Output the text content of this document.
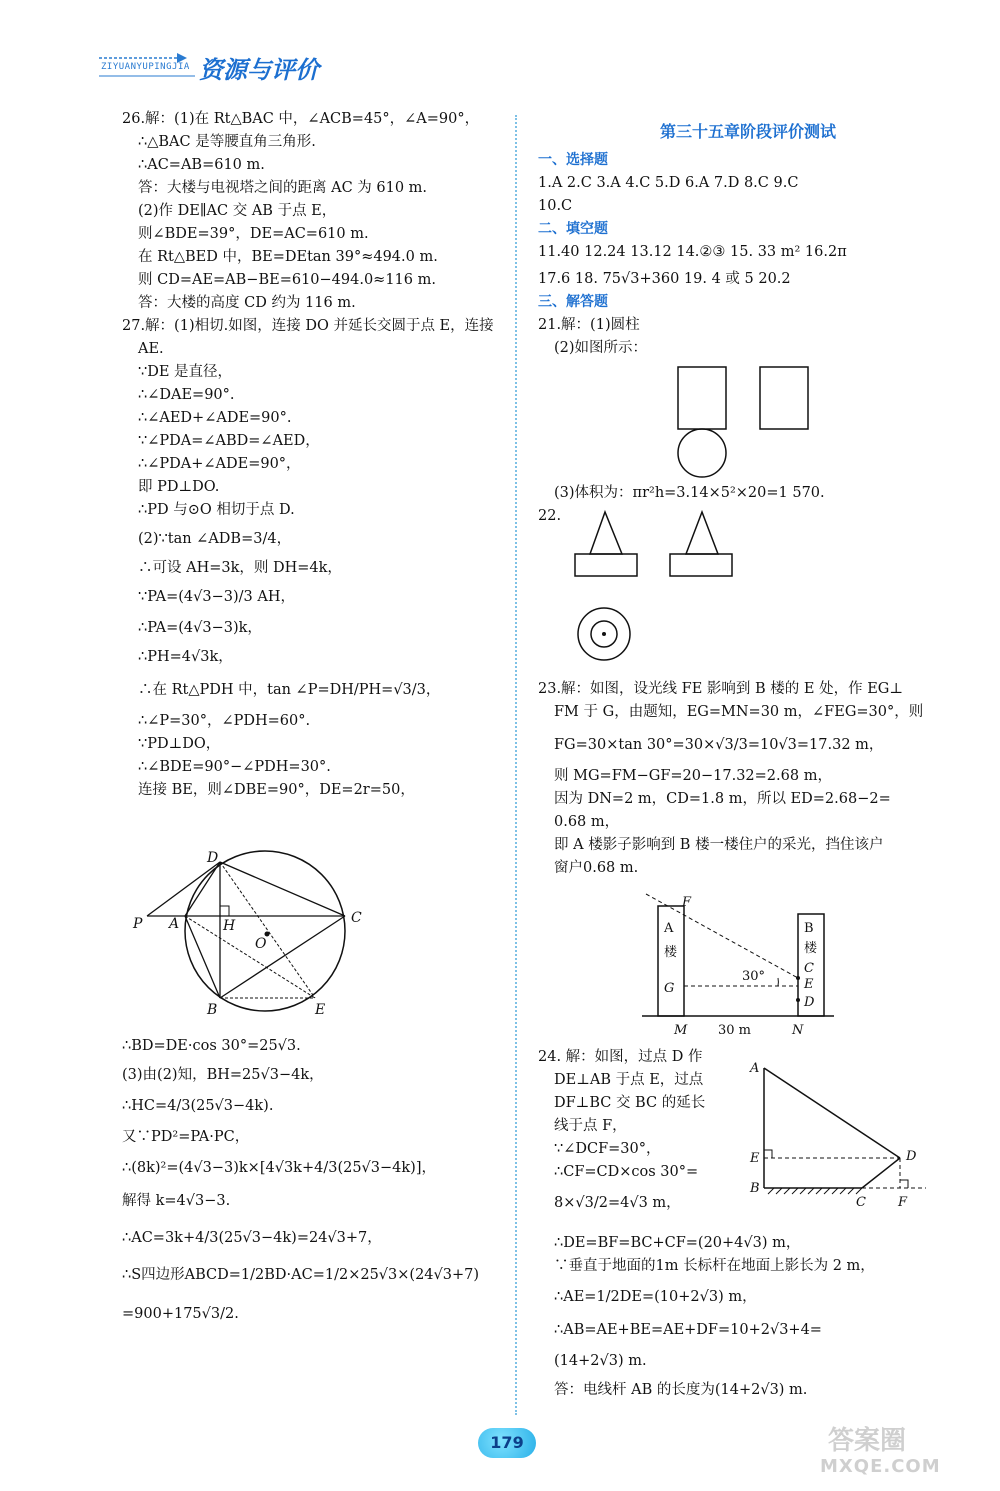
ZIYUANYUPINGJIA 资源与评价
26.解：(1)在 Rt△BAC 中，∠ACB=45°，∠A=90°，
∴△BAC 是等腰直角三角形.
∴AC=AB=610 m.
答：大楼与电视塔之间的距离 AC 为 610 m.
(2)作 DE∥AC 交 AB 于点 E，
则∠BDE=39°，DE=AC=610 m.
在 Rt△BED 中，BE=DEtan 39°≈494.0 m.
则 CD=AE=AB−BE=610−494.0≈116 m.
答：大楼的高度 CD 约为 116 m.
27.解：(1)相切.如图，连接 DO 并延长交圆于点 E，连接
AE.
∵DE 是直径，
∴∠DAE=90°.
∴∠AED+∠ADE=90°.
∵∠PDA=∠ABD=∠AED，
∴∠PDA+∠ADE=90°，
即 PD⊥DO.
∴PD 与⊙O 相切于点 D.
(2)∵tan ∠ADB=3/4，
∴可设 AH=3k，则 DH=4k，
∵PA=(4√3−3)/3 AH，
∴PA=(4√3−3)k，
∴PH=4√3k，
∴在 Rt△PDH 中，tan ∠P=DH/PH=√3/3，
∴∠P=30°，∠PDH=60°.
∵PD⊥DO，
∴∠BDE=90°−∠PDH=30°.
连接 BE，则∠DBE=90°，DE=2r=50，
D
P A	H
O
C
B	E
∴BD=DE·cos 30°=25√3.
(3)由(2)知，BH=25√3−4k，
∴HC=4/3(25√3−4k).
又∵PD²=PA·PC，
∴(8k)²=(4√3−3)k×[4√3k+4/3(25√3−4k)]，
解得 k=4√3−3.
∴AC=3k+4/3(25√3−4k)=24√3+7，
∴S四边形ABCD=1/2BD·AC=1/2×25√3×(24√3+7)
=900+175√3/2.
第三十五章阶段评价测试
一、选择题
1.A 2.C 3.A 4.C 5.D 6.A 7.D 8.C 9.C
10.C
二、填空题
11.40 12.24 13.12 14.②③ 15. 33 m² 16.2π
17.6 18. 75√3+360 19. 4 或 5 20.2
三、解答题
21.解：(1)圆柱
(2)如图所示：
(3)体积为：πr²h=3.14×5²×20=1 570.
22.
23.解：如图，设光线 FE 影响到 B 楼的 E 处，作 EG⊥
FM 于 G，由题知，EG=MN=30 m，∠FEG=30°，则
FG=30×tan 30°=30×√3/3=10√3=17.32 m，
则 MG=FM−GF=20−17.32=2.68 m，
因为 DN=2 m，CD=1.8 m，所以 ED=2.68−2=
0.68 m，
即 A 楼影子影响到 B 楼一楼住户的采光，挡住该户
窗户0.68 m.
F
A
楼
G
M 30 m	N
B
楼
C
E
D
30°
24. 解：如图，过点 D 作
DE⊥AB 于点 E，过点
DF⊥BC 交 BC 的延长
线于点 F，
∵∠DCF=30°，
∴CF=CD×cos 30°=
8×√3/2=4√3 m，
A
E
B
D
C F
∴DE=BF=BC+CF=(20+4√3) m，
∵垂直于地面的1m 长标杆在地面上影长为 2 m，
∴AE=1/2DE=(10+2√3) m，
∴AB=AE+BE=AE+DF=10+2√3+4=
(14+2√3) m.
答：电线杆 AB 的长度为(14+2√3) m.
179	答案圈
MXQE.COM
